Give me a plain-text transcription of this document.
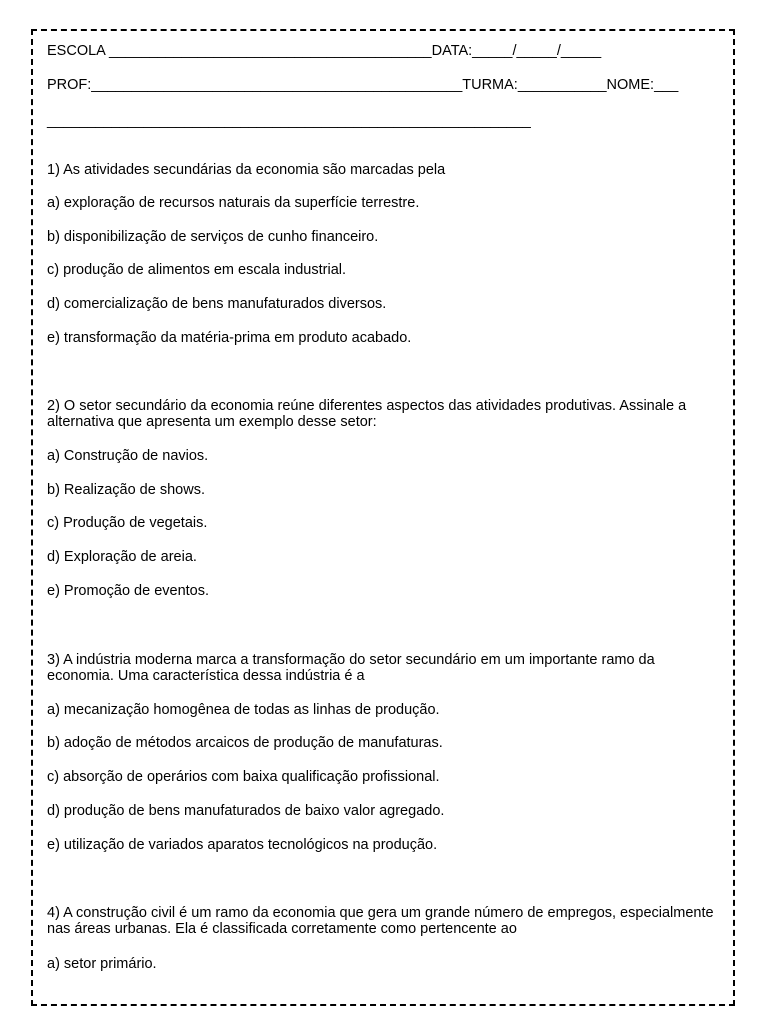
ESCOLA ________________________________________DATA:_____/_____/_____
PROF:______________________________________________TURMA:___________NOME:___
____________________________________________________________
1) As atividades secundárias da economia são marcadas pela
a) exploração de recursos naturais da superfície terrestre.
b) disponibilização de serviços de cunho financeiro.
c) produção de alimentos em escala industrial.
d) comercialização de bens manufaturados diversos.
e) transformação da matéria-prima em produto acabado.
2) O setor secundário da economia reúne diferentes aspectos das atividades produtivas. Assinale a alternativa que apresenta um exemplo desse setor:
a) Construção de navios.
b) Realização de shows.
c) Produção de vegetais.
d) Exploração de areia.
e) Promoção de eventos.
3) A indústria moderna marca a transformação do setor secundário em um importante ramo da economia. Uma característica dessa indústria é a
a) mecanização homogênea de todas as linhas de produção.
b) adoção de métodos arcaicos de produção de manufaturas.
c) absorção de operários com baixa qualificação profissional.
d) produção de bens manufaturados de baixo valor agregado.
e) utilização de variados aparatos tecnológicos na produção.
4) A construção civil é um ramo da economia que gera um grande número de empregos, especialmente nas áreas urbanas. Ela é classificada corretamente como pertencente ao
a) setor primário.
